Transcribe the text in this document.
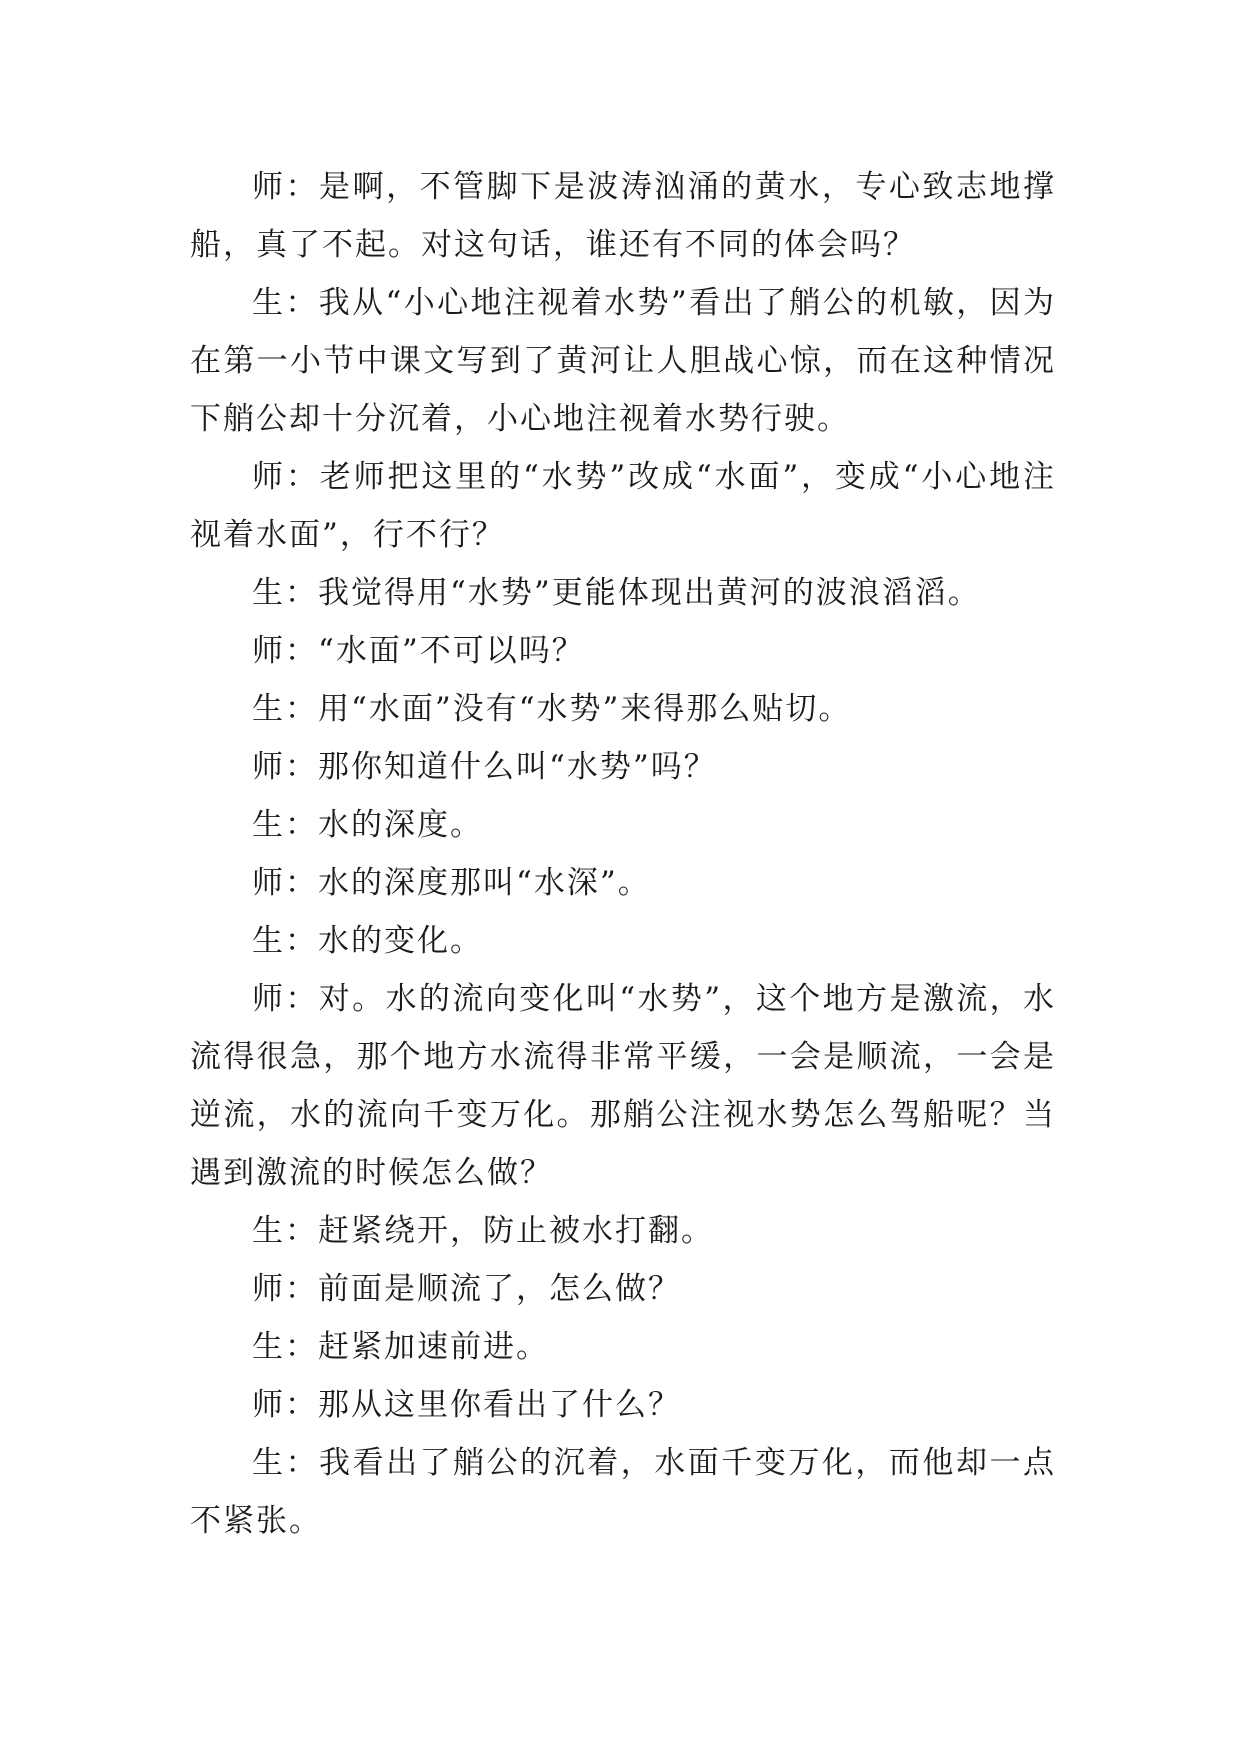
师：是啊，不管脚下是波涛汹涌的黄水，专心致志地撑船，真了不起。对这句话，谁还有不同的体会吗？

生：我从“小心地注视着水势”看出了艄公的机敏，因为在第一小节中课文写到了黄河让人胆战心惊，而在这种情况下艄公却十分沉着，小心地注视着水势行驶。

师：老师把这里的“水势”改成“水面”，变成“小心地注视着水面”，行不行？

生：我觉得用“水势”更能体现出黄河的波浪滔滔。

师：“水面”不可以吗？

生：用“水面”没有“水势”来得那么贴切。

师：那你知道什么叫“水势”吗？

生：水的深度。

师：水的深度那叫“水深”。

生：水的变化。

师：对。水的流向变化叫“水势”，这个地方是激流，水流得很急，那个地方水流得非常平缓，一会是顺流，一会是逆流，水的流向千变万化。那艄公注视水势怎么驾船呢？当遇到激流的时候怎么做？

生：赶紧绕开，防止被水打翻。

师：前面是顺流了，怎么做？

生：赶紧加速前进。

师：那从这里你看出了什么？

生：我看出了艄公的沉着，水面千变万化，而他却一点不紧张。
